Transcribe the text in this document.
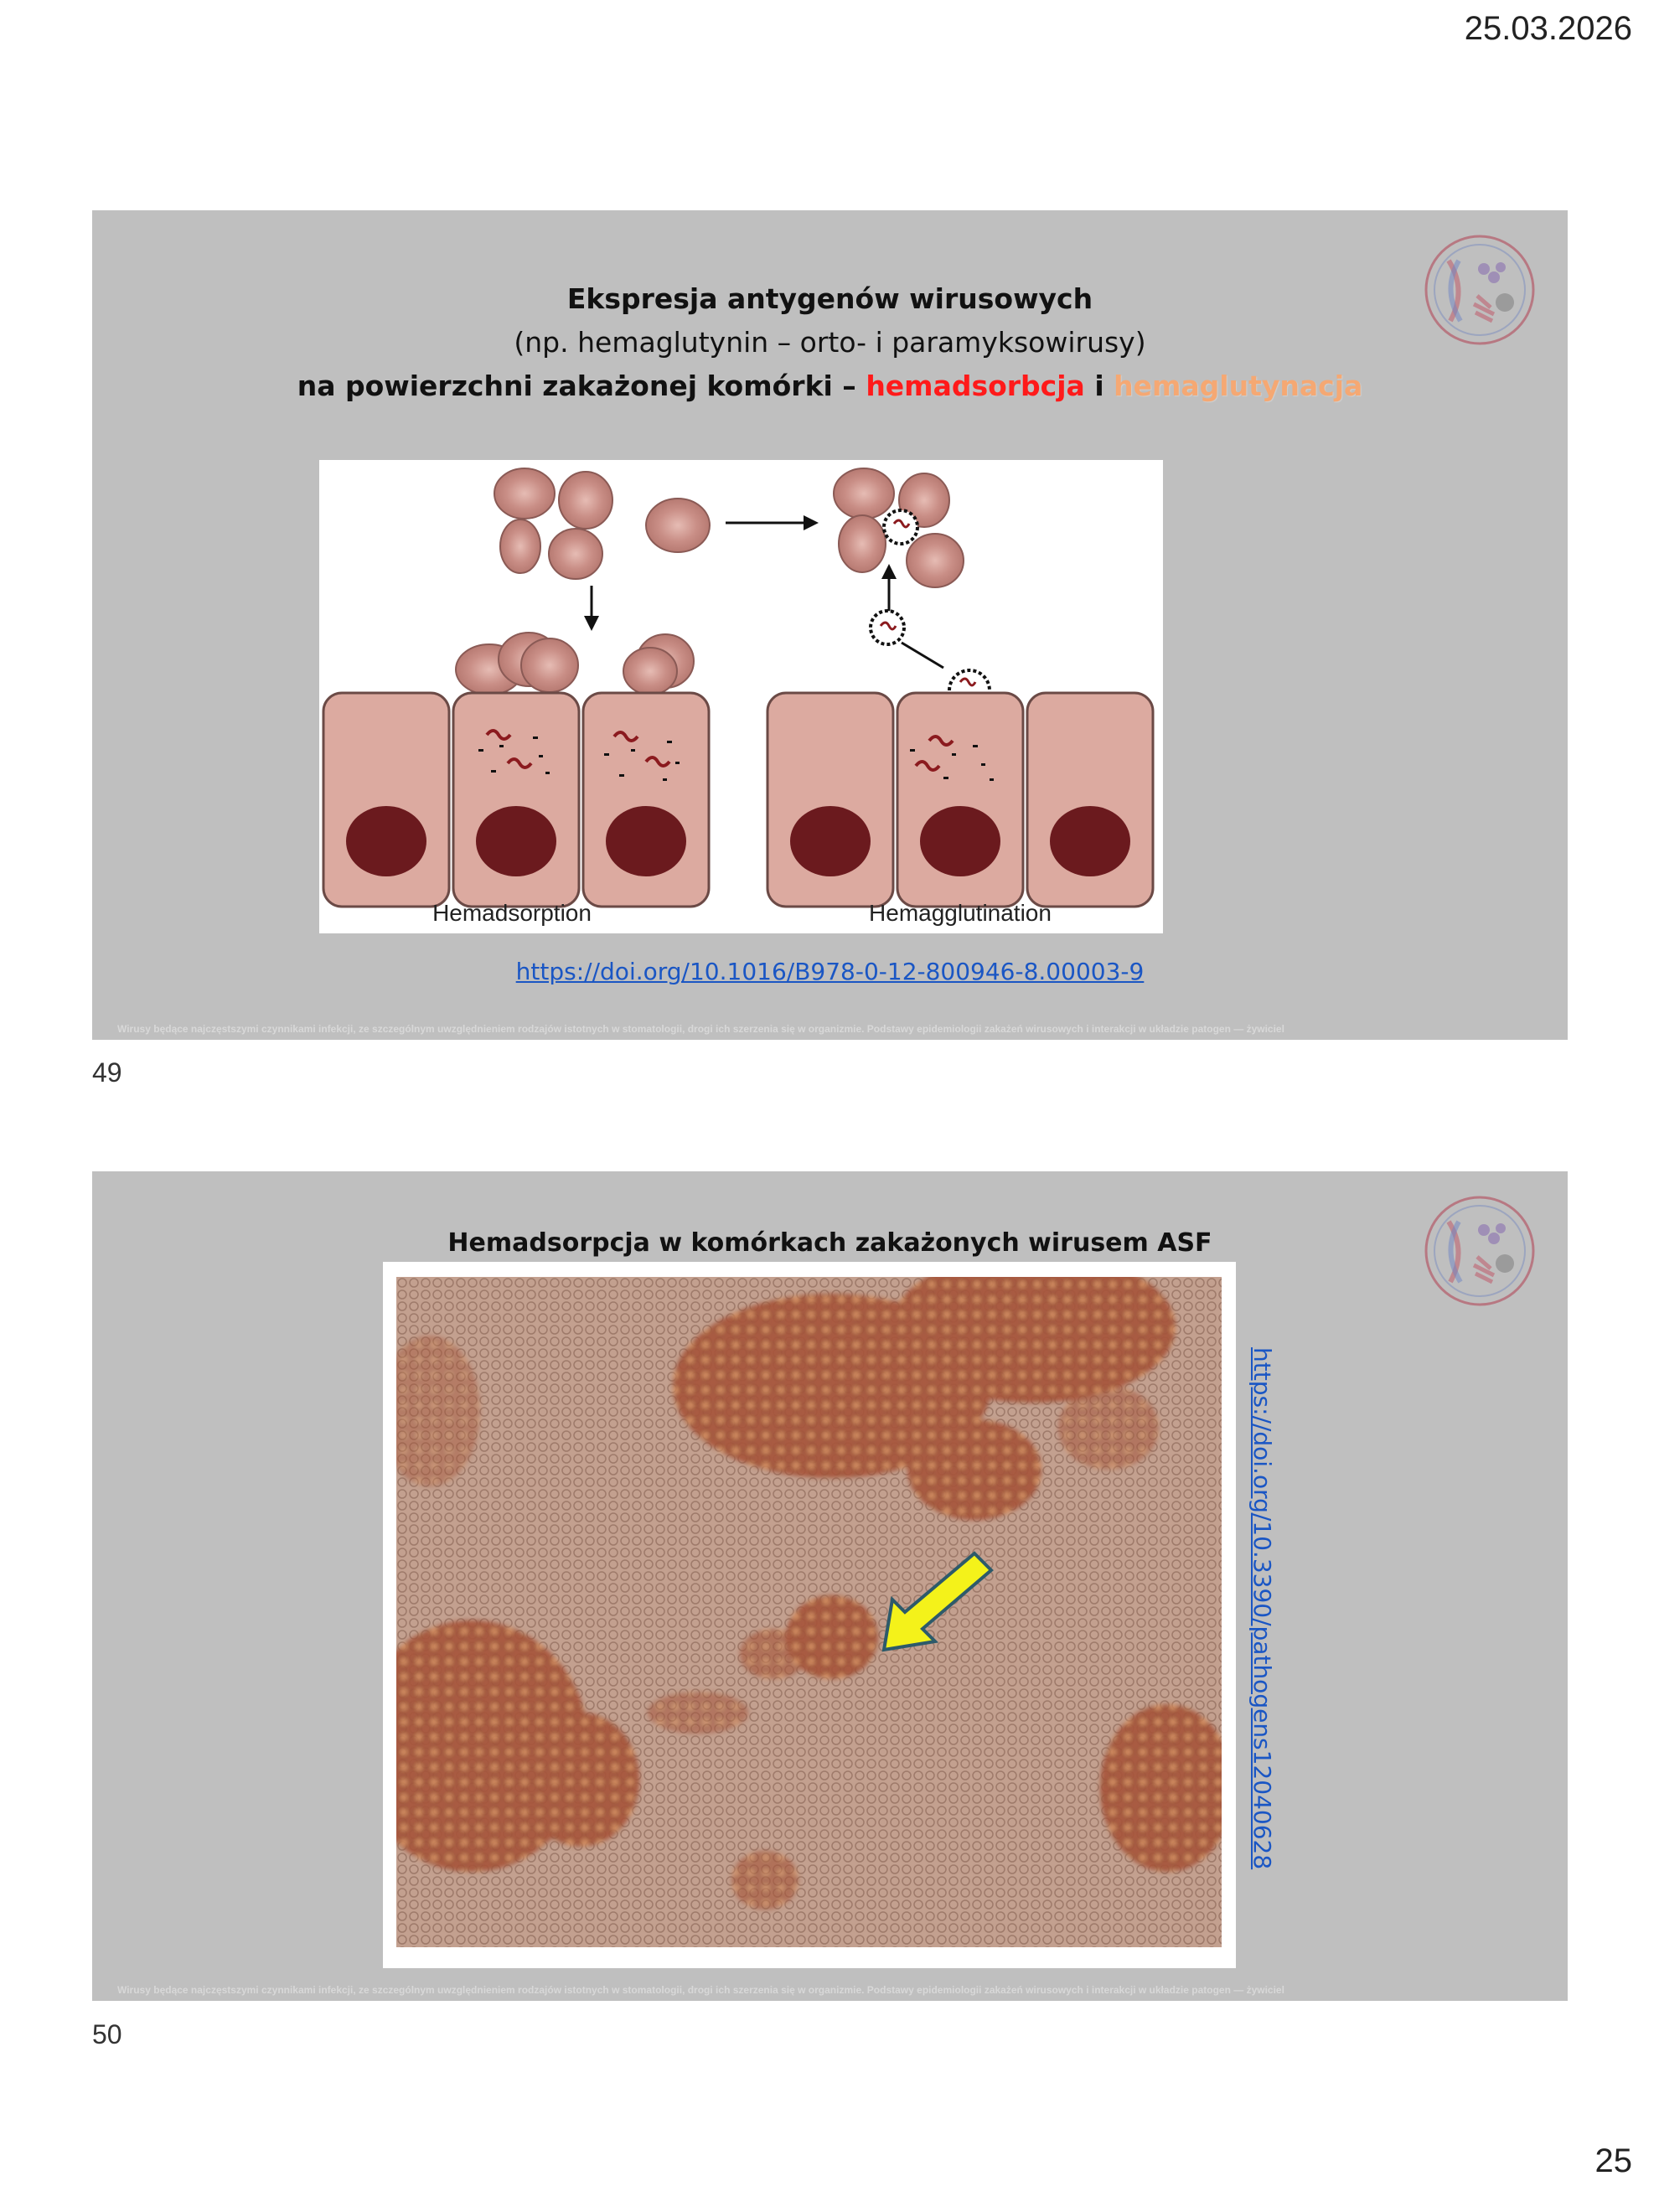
25.03.2026
Ekspresja antygenów wirusowych
(np. hemaglutynin – orto- i paramyksowirusy)
na powierzchni zakażonej komórki – hemadsorbcja i hemaglutynacja
Hemadsorption	Hemagglutination
https://doi.org/10.1016/B978-0-12-800946-8.00003-9
Wirusy będące najczęstszymi czynnikami infekcji, ze szczególnym uwzględnieniem rodzajów istotnych w stomatologii, drogi ich szerzenia się w organizmie. Podstawy epidemiologii zakażeń wirusowych i interakcji w układzie patogen — żywiciel
49
Hemadsorpcja w komórkach zakażonych wirusem ASF
https://doi.org/10.3390/pathogens12040628
Wirusy będące najczęstszymi czynnikami infekcji, ze szczególnym uwzględnieniem rodzajów istotnych w stomatologii, drogi ich szerzenia się w organizmie. Podstawy epidemiologii zakażeń wirusowych i interakcji w układzie patogen — żywiciel
50
25
